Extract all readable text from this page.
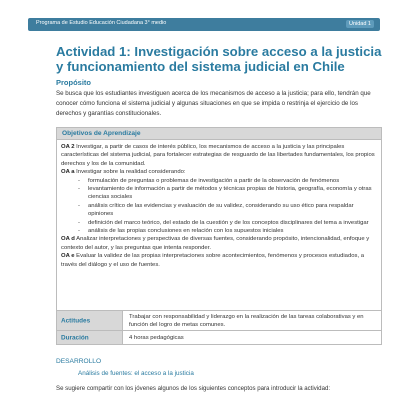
Programa de Estudio Educación Ciudadana 3° medio	Unidad 1
Actividad 1: Investigación sobre acceso a la justicia y funcionamiento del sistema judicial en Chile
Propósito
Se busca que los estudiantes investiguen acerca de los mecanismos de acceso a la justicia; para ello, tendrán que conocer cómo funciona el sistema judicial y algunas situaciones en que se impida o restrinja el ejercicio de los derechos y garantías constitucionales.
Objetivos de Aprendizaje
OA 2 Investigar, a partir de casos de interés público, los mecanismos de acceso a la justicia y las principales características del sistema judicial, para fortalecer estrategias de resguardo de las libertades fundamentales, los propios derechos y los de la comunidad.
OA a Investigar sobre la realidad considerando:
- formulación de preguntas o problemas de investigación a partir de la observación de fenómenos
- levantamiento de información a partir de métodos y técnicas propias de historia, geografía, economía y otras ciencias sociales
- análisis crítico de las evidencias y evaluación de su validez, considerando su uso ético para respaldar opiniones
- definición del marco teórico, del estado de la cuestión y de los conceptos disciplinares del tema a investigar
- análisis de las propias conclusiones en relación con los supuestos iniciales
OA d Analizar interpretaciones y perspectivas de diversas fuentes, considerando propósito, intencionalidad, enfoque y contexto del autor, y las preguntas que intenta responder.
OA e Evaluar la validez de las propias interpretaciones sobre acontecimientos, fenómenos y procesos estudiados, a través del diálogo y el uso de fuentes.
Actitudes	Trabajar con responsabilidad y liderazgo en la realización de las tareas colaborativas y en función del logro de metas comunes.
Duración	4 horas pedagógicas
DESARROLLO
Análisis de fuentes: el acceso a la justicia
Se sugiere compartir con los jóvenes algunos de los siguientes conceptos para introducir la actividad:
